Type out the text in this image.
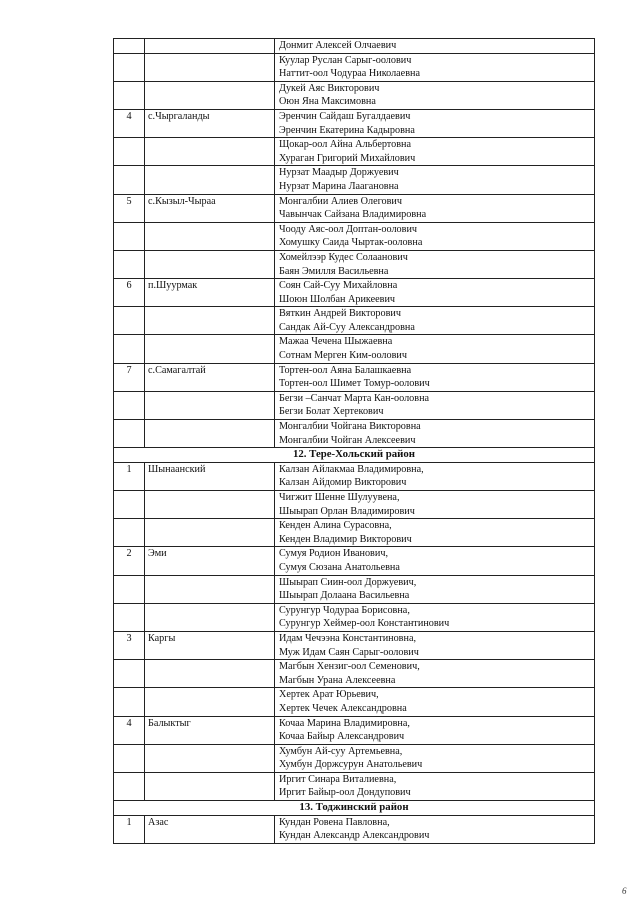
		Донмит Алексей Олчаевич

		Куулар Руслан Сарыг-оолович
Наттит-оол Чодураа Николаевна

		Дукей Аяс Викторович
Оюн Яна Максимовна

4	с.Чыргаланды	Эренчин Сайдаш Бугалдаевич
Эренчин Екатерина Кадыровна

		Щокар-оол Айна Альбертовна
Хураган Григорий Михайлович

		Нурзат Маадыр Доржуевич
Нурзат Марина Лаагановна

5	с.Кызыл-Чыраа	Монгалбии Алиев Олегович
Чавынчак Сайзана Владимировна

		Чооду Аяс-оол Доптан-оолович
Хомушку Саида Чыртак-ооловна

		Хомейлээр Кудес Солаанович
Баян Эмилля Васильевна

6	п.Шуурмак	Соян Сай-Суу Михайловна
Шоюн Шолбан Арикеевич

		Вяткин Андрей Викторович
Сандак Ай-Суу Александровна

		Мажаа Чечена Шыжаевна
Сотнам Мерген Ким-оолович

7	с.Самагалтай	Тортен-оол Аяна Балашкаевна
Тортен-оол Шимет Томур-оолович

		Бегзи –Санчат Марта Кан-ооловна
Бегзи Болат Хертекович

		Монгалбии Чойгана Викторовна
Монгалбии Чойган Алексеевич

12. Тере-Хольский район		
1	Шынаанский	Калзан Айлакмаа Владимировна,
Калзан Айдомир Викторович

		Чигжит Шенне Шулуувена,
Шыырап Орлан Владимирович

		Кенден Алина Сурасовна,
Кенден Владимир Викторович

2	Эми	Сумуя Родион Иванович,
Сумуя Сюзана Анатольевна

		Шыырап Сиин-оол Доржуевич,
Шыырап Долаана Васильевна

		Сурунгур Чодураа Борисовна,
Сурунгур Хеймер-оол Константинович

3	Каргы	Идам Чечээна Константиновна,
Муж Идам Саян Сарыг-оолович

		Магбын Хензиг-оол Семенович,
Магбын Урана Алексеевна

		Хертек Арат Юрьевич,
Хертек Чечек Александровна

4	Балыктыг	Кочаа Марина Владимировна,
Кочаа Байыр Александрович

		Хумбун Ай-суу Артемьевна,
Хумбун Доржсурун Анатольевич

		Иргит Синара Виталиевна,
Иргит Байыр-оол Дондупович

13. Тоджинский район		
1	Азас	Кундан Ровена Павловна,
Кундан Александр Александрович
6
